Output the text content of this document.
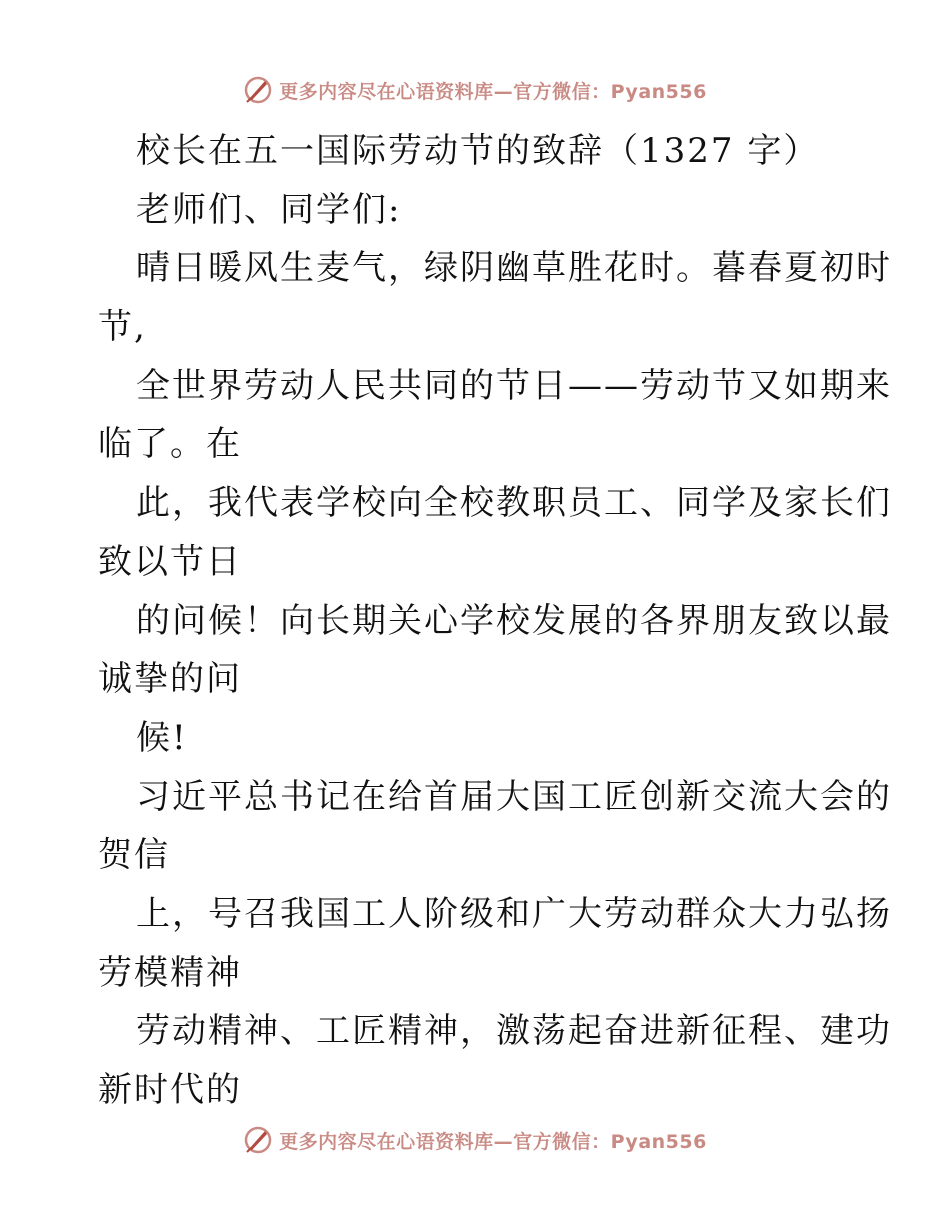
更多内容尽在心语资料库—官方微信：Pyan556
校长在五一国际劳动节的致辞（1327 字）
老师们、同学们:
晴日暖风生麦气，绿阴幽草胜花时。暮春夏初时
节,
全世界劳动人民共同的节日——劳动节又如期来
临了。在
此，我代表学校向全校教职员工、同学及家长们
致以节日
的问候！向长期关心学校发展的各界朋友致以最
诚挚的问
候!
习近平总书记在给首届大国工匠创新交流大会的
贺信
上，号召我国工人阶级和广大劳动群众大力弘扬
劳模精神
劳动精神、工匠精神，激荡起奋进新征程、建功
新时代的
更多内容尽在心语资料库—官方微信：Pyan556
